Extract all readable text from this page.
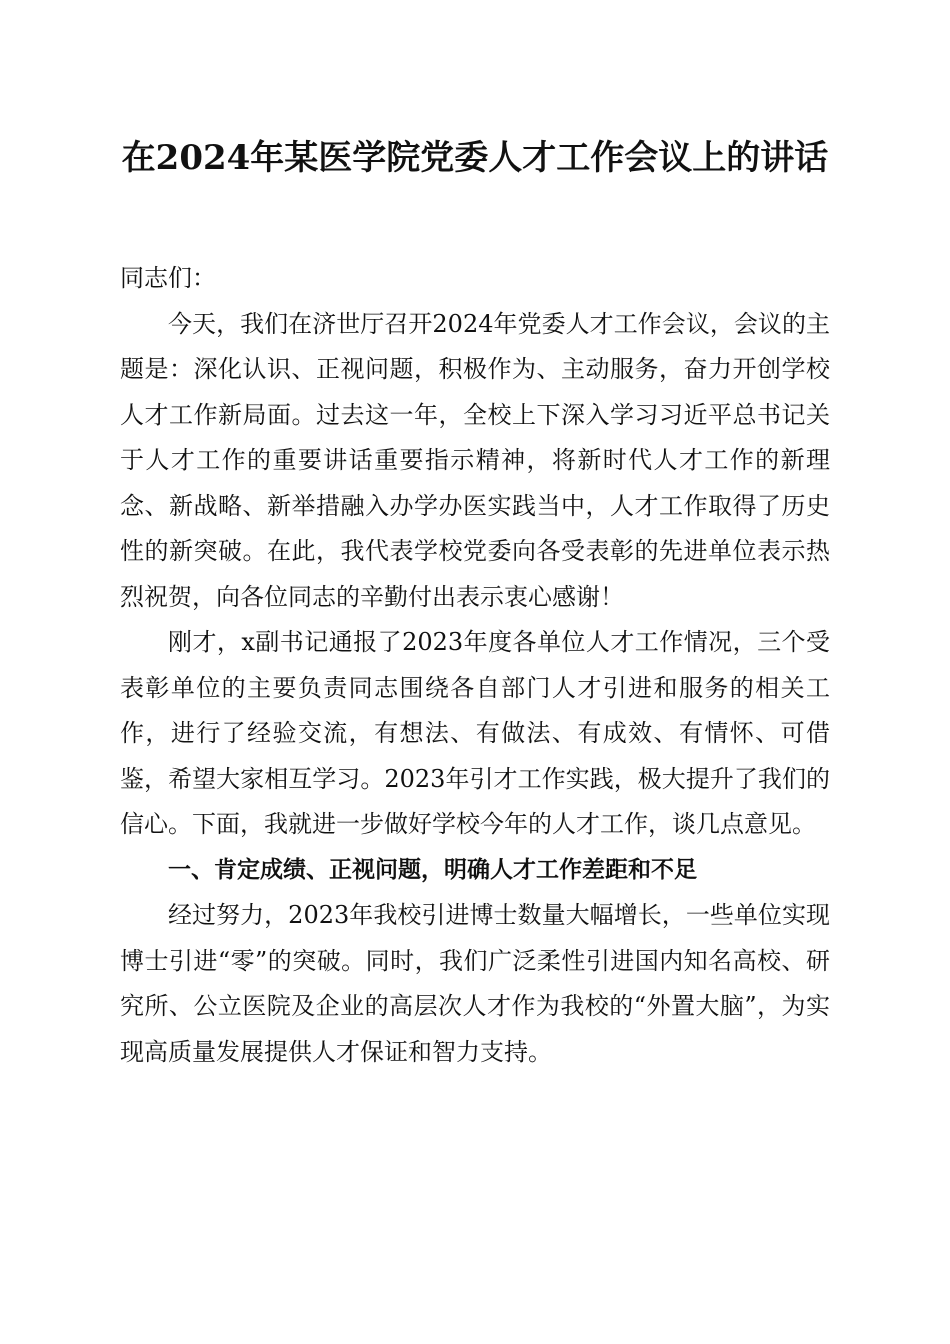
在2024年某医学院党委人才工作会议上的讲话

同志们：

今天，我们在济世厅召开2024年党委人才工作会议，会议的主题是：深化认识、正视问题，积极作为、主动服务，奋力开创学校人才工作新局面。过去这一年，全校上下深入学习习近平总书记关于人才工作的重要讲话重要指示精神，将新时代人才工作的新理念、新战略、新举措融入办学办医实践当中，人才工作取得了历史性的新突破。在此，我代表学校党委向各受表彰的先进单位表示热烈祝贺，向各位同志的辛勤付出表示衷心感谢！

刚才，x副书记通报了2023年度各单位人才工作情况，三个受表彰单位的主要负责同志围绕各自部门人才引进和服务的相关工作，进行了经验交流，有想法、有做法、有成效、有情怀、可借鉴，希望大家相互学习。2023年引才工作实践，极大提升了我们的信心。下面，我就进一步做好学校今年的人才工作，谈几点意见。

一、肯定成绩、正视问题，明确人才工作差距和不足

经过努力，2023年我校引进博士数量大幅增长，一些单位实现博士引进“零”的突破。同时，我们广泛柔性引进国内知名高校、研究所、公立医院及企业的高层次人才作为我校的“外置大脑”，为实现高质量发展提供人才保证和智力支持。
